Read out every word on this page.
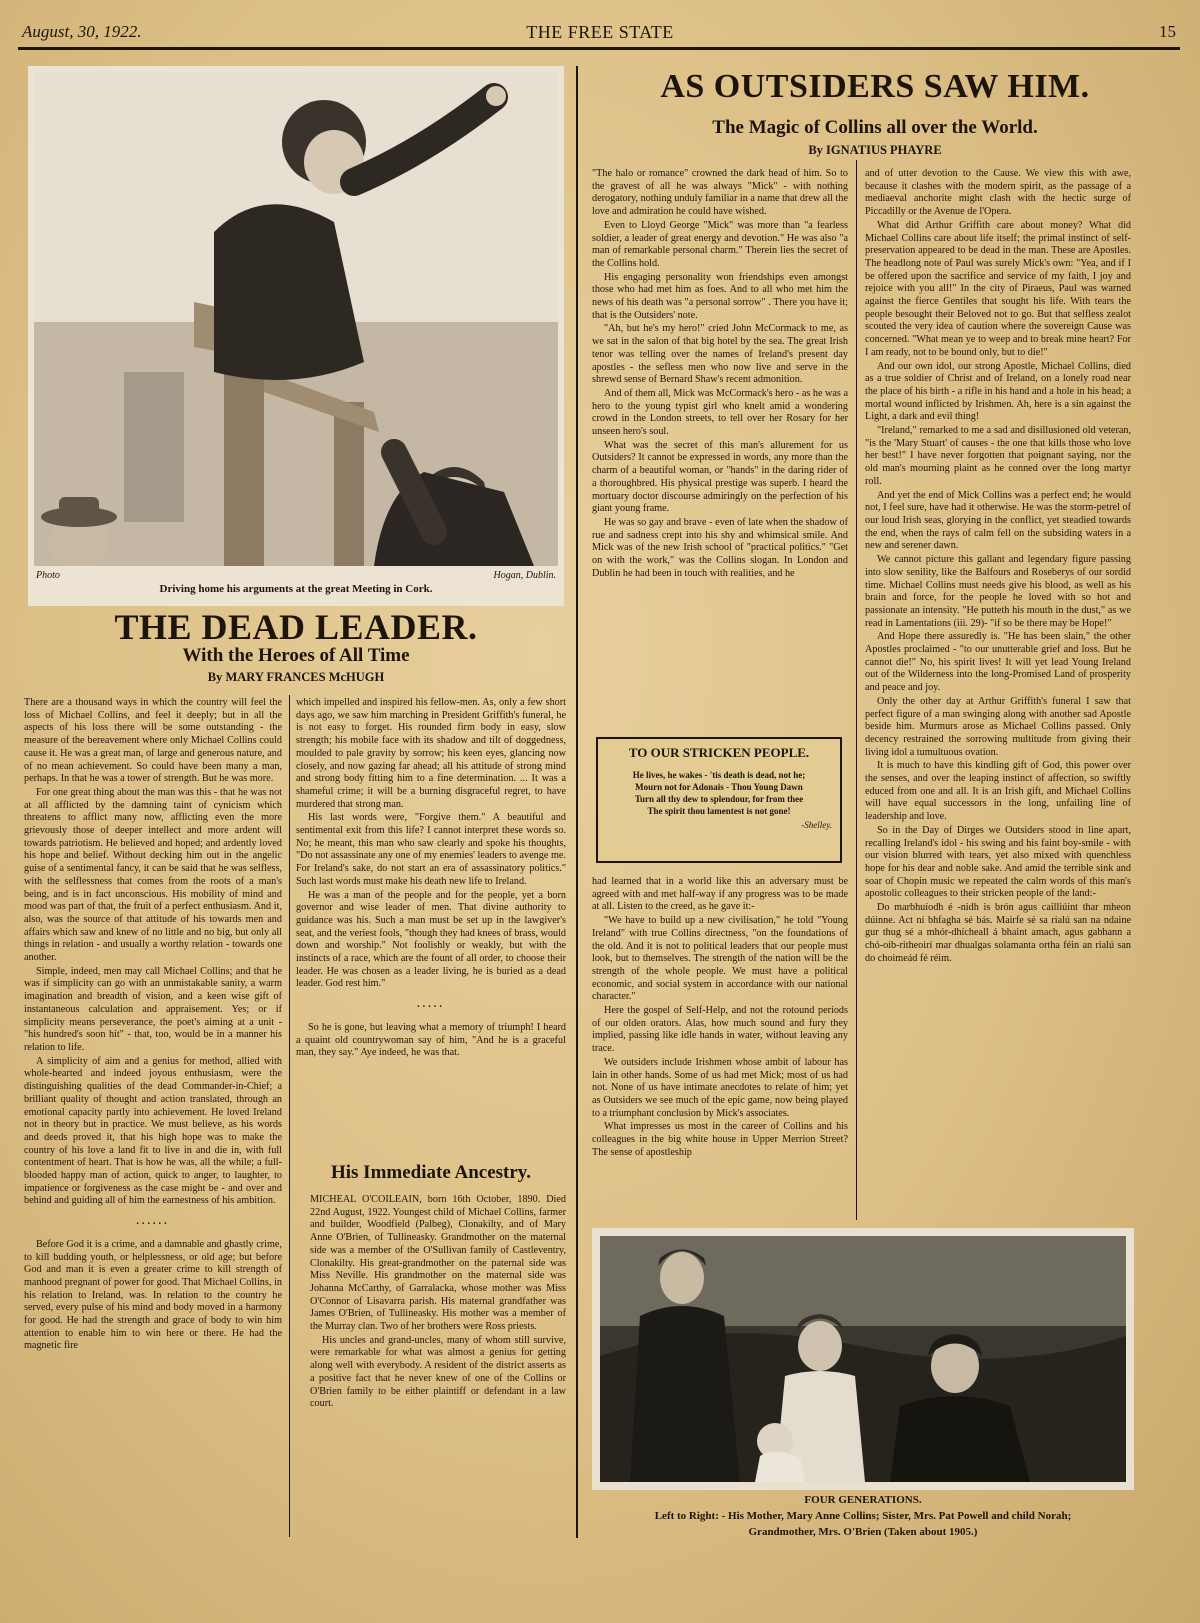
August, 30, 1922.	THE FREE STATE	15
Photo	Hogan, Dublin.
Driving home his arguments at the great Meeting in Cork.
THE DEAD LEADER.
With the Heroes of All Time
By MARY FRANCES McHUGH

There are a thousand ways in which the country will feel the loss of Michael Collins, and feel it deeply; but in all the aspects of his loss there will be some outstanding - the measure of the bereavement where only Michael Collins could cause it. He was a great man, of large and generous nature, and of no mean achievement. So could have been many a man, perhaps. In that he was a tower of strength. But he was more.

For one great thing about the man was this - that he was not at all afflicted by the damning taint of cynicism which threatens to afflict many now, afflicting even the more grievously those of deeper intellect and more ardent will towards patriotism. He believed and hoped; and ardently loved his hope and belief. Without decking him out in the angelic guise of a sentimental fancy, it can be said that he was selfless, with the selflessness that comes from the roots of a man's being, and is in fact unconscious. His mobility of mind and mood was part of that, the fruit of a perfect enthusiasm. And it, also, was the source of that attitude of his towards men and affairs which saw and knew of no little and no big, but only all things in relation - and usually a worthy relation - towards one another.

Simple, indeed, men may call Michael Collins; and that he was if simplicity can go with an unmistakable sanity, a warm imagination and breadth of vision, and a keen wise gift of instantaneous calculation and appraisement. Yes; or if simplicity means perseverance, the poet's aiming at a unit - "his hundred's soon hit" - that, too, would be in a manner his relation to life.

A simplicity of aim and a genius for method, allied with whole-hearted and indeed joyous enthusiasm, were the distinguishing qualities of the dead Commander-in-Chief; a brilliant quality of thought and action translated, through an emotional capacity partly into achievement. He loved Ireland not in theory but in practice. We must believe, as his words and deeds proved it, that his high hope was to make the country of his love a land fit to live in and die in, with full contentment of heart. That is how he was, all the while; a full-blooded happy man of action, quick to anger, to laughter, to impatience or forgiveness as the case might be - and over and behind and guiding all of him the earnestness of his ambition.

......

Before God it is a crime, and a damnable and ghastly crime, to kill budding youth, or helplessness, or old age; but before God and man it is even a greater crime to kill strength of manhood pregnant of power for good. That Michael Collins, in his relation to Ireland, was. In relation to the country he served, every pulse of his mind and body moved in a harmony for good. He had the strength and grace of body to win him attention to enable him to win here or there. He had the magnetic fire

which impelled and inspired his fellow-men. As, only a few short days ago, we saw him marching in President Griffith's funeral, he is not easy to forget. His rounded firm body in easy, slow strength; his mobile face with its shadow and tilt of doggedness, moulded to pale gravity by sorrow; his keen eyes, glancing now closely, and now gazing far ahead; all his attitude of strong mind and strong body fitting him to a fine determination. ... It was a shameful crime; it will be a burning disgraceful regret, to have murdered that strong man.

His last words were, "Forgive them." A beautiful and sentimental exit from this life? I cannot interpret these words so. No; he meant, this man who saw clearly and spoke his thoughts, "Do not assassinate any one of my enemies' leaders to avenge me. For Ireland's sake, do not start an era of assassinatory politics." Such last words must make his death new life to Ireland.

He was a man of the people and for the people, yet a born governor and wise leader of men. That divine authority to guidance was his. Such a man must be set up in the lawgiver's seat, and the veriest fools, "though they had knees of brass, would down and worship." Not foolishly or weakly, but with the instincts of a race, which are the fount of all order, to choose their leader. He was chosen as a leader living, he is buried as a dead leader. God rest him."

.....

So he is gone, but leaving what a memory of triumph! I heard a quaint old countrywoman say of him, "And he is a graceful man, they say." Aye indeed, he was that.

His Immediate Ancestry.

MICHEAL O'COILEAIN, born 16th October, 1890. Died 22nd August, 1922. Youngest child of Michael Collins, farmer and builder, Woodfield (Palbeg), Clonakilty, and of Mary Anne O'Brien, of Tullineasky. Grandmother on the maternal side was a member of the O'Sullivan family of Castleventry, Clonakilty. His great-grandmother on the paternal side was Miss Neville. His grandmother on the maternal side was Johanna McCarthy, of Garralacka, whose mother was Miss O'Connor of Lisavarra parish. His maternal grandfather was James O'Brien, of Tullineasky. His mother was a member of the Murray clan. Two of her brothers were Ross priests.

His uncles and grand-uncles, many of whom still survive, were remarkable for what was almost a genius for getting along well with everybody. A resident of the district asserts as a positive fact that he never knew of one of the Collins or O'Brien family to be either plaintiff or defendant in a law court.

AS OUTSIDERS SAW HIM.
The Magic of Collins all over the World.
By IGNATIUS PHAYRE

"The halo or romance" crowned the dark head of him. So to the gravest of all he was always "Mick" - with nothing derogatory, nothing unduly familiar in a name that drew all the love and admiration he could have wished.

Even to Lloyd George "Mick" was more than "a fearless soldier, a leader of great energy and devotion." He was also "a man of remarkable personal charm." Therein lies the secret of the Collins hold.

His engaging personality won friendships even amongst those who had met him as foes. And to all who met him the news of his death was "a personal sorrow" . There you have it; that is the Outsiders' note.

"Ah, but he's my hero!" cried John McCormack to me, as we sat in the salon of that big hotel by the sea. The great Irish tenor was telling over the names of Ireland's present day apostles - the sefless men who now live and serve in the shrewd sense of Bernard Shaw's recent admonition.

And of them all, Mick was McCormack's hero - as he was a hero to the young typist girl who knelt amid a wondering crowd in the London streets, to tell over her Rosary for her unseen hero's soul.

What was the secret of this man's allurement for us Outsiders? It cannot be expressed in words, any more than the charm of a beautiful woman, or "hands" in the daring rider of a thoroughbred. His physical prestige was superb. I heard the mortuary doctor discourse admiringly on the perfection of his giant young frame.

He was so gay and brave - even of late when the shadow of rue and sadness crept into his shy and whimsical smile. And Mick was of the new Irish school of "practical politics." "Get on with the work," was the Collins slogan. In London and Dublin he had been in touch with realities, and he

TO OUR STRICKEN PEOPLE.
He lives, he wakes - 'tis death is dead, not he;
Mourn not for Adonais - Thou Young Dawn
Turn all thy dew to splendour, for from thee
The spirit thou lamentest is not gone!
-Shelley.

had learned that in a world like this an adversary must be agreed with and met half-way if any progress was to be made at all. Listen to the creed, as he gave it:-

"We have to build up a new civilisation," he told "Young Ireland" with true Collins directness, "on the foundations of the old. And it is not to political leaders that our people must look, but to themselves. The strength of the nation will be the strength of the whole people. We must have a political economic, and social system in accordance with our national character."

Here the gospel of Self-Help, and not the rotound periods of our olden orators. Alas, how much sound and fury they implied, passing like idle hands in water, without leaving any trace.

We outsiders include Irishmen whose ambit of labour has lain in other hands. Some of us had met Mick; most of us had not. None of us have intimate anecdotes to relate of him; yet as Outsiders we see much of the epic game, now being played to a triumphant conclusion by Mick's associates.

What impresses us most in the career of Collins and his colleagues in the big white house in Upper Merrion Street? The sense of apostleship

and of utter devotion to the Cause. We view this with awe, because it clashes with the modern spirit, as the passage of a mediaeval anchorite might clash with the hectic surge of Piccadilly or the Avenue de l'Opera.

What did Arthur Griffith care about money? What did Michael Collins care about life itself; the primal instinct of self-preservation appeared to be dead in the man. These are Apostles. The headlong note of Paul was surely Mick's own: "Yea, and if I be offered upon the sacrifice and service of my faith, I joy and rejoice with you all!" In the city of Piraeus, Paul was warned against the fierce Gentiles that sought his life. With tears the people besought their Beloved not to go. But that selfless zealot scouted the very idea of caution where the sovereign Cause was concerned. "What mean ye to weep and to break mine heart? For I am ready, not to be bound only, but to die!"

And our own idol, our strong Apostle, Michael Collins, died as a true soldier of Christ and of Ireland, on a lonely road near the place of his birth - a rifle in his hand and a hole in his head; a mortal wound inflicted by Irishmen. Ah, here is a sin against the Light, a dark and evil thing!

"Ireland," remarked to me a sad and disillusioned old veteran, "is the 'Mary Stuart' of causes - the one that kills those who love her best!" I have never forgotten that poignant saying, nor the old man's mourning plaint as he conned over the long martyr roll.

And yet the end of Mick Collins was a perfect end; he would not, I feel sure, have had it otherwise. He was the storm-petrel of our loud Irish seas, glorying in the conflict, yet steadied towards the end, when the rays of calm fell on the subsiding waters in a new and serener dawn.

We cannot picture this gallant and legendary figure passing into slow senility, like the Balfours and Roseberys of our sordid time. Michael Collins must needs give his blood, as well as his brain and force, for the people he loved with so hot and passionate an intensity. "He putteth his mouth in the dust," as we read in Lamentations (iii. 29)- "if so be there may be Hope!"

And Hope there assuredly is. "He has been slain," the other Apostles proclaimed - "to our unutterable grief and loss. But he cannot die!" No, his spirit lives! It will yet lead Young Ireland out of the Wilderness into the long-Promised Land of prosperity and peace and joy.

Only the other day at Arthur Griffith's funeral I saw that perfect figure of a man swinging along with another sad Apostle beside him. Murmurs arose as Michael Collins passed. Only decency restrained the sorrowing multitude from giving their living idol a tumultuous ovation.

It is much to have this kindling gift of God, this power over the senses, and over the leaping instinct of affection, so swiftly educed from one and all. It is an Irish gift, and Michael Collins will have equal successors in the long, unfailing line of leadership and love.

So in the Day of Dirges we Outsiders stood in line apart, recalling Ireland's idol - his swing and his faint boy-smile - with our vision blurred with tears, yet also mixed with quenchless hope for his dear and noble sake. And amid the terrible sink and soar of Chopin music we repeated the calm words of this man's apostolic colleagues to their stricken people of the land:-

Do marbhuíodh é -nidh is brón agus cailliúint thar mheon dúinne. Act ní bhfagha sé bás. Mairfe sé sa rialú san na ndaine gur thug sé a mhór-dhícheall á bhaint amach, agus gabhann a chó-oib-ritheoirí mar dhualgas solamanta ortha féin an rialú san do choimeád fé réim.

FOUR GENERATIONS.
Left to Right: - His Mother, Mary Anne Collins; Sister, Mrs. Pat Powell and child Norah;
Grandmother, Mrs. O'Brien (Taken about 1905.)
